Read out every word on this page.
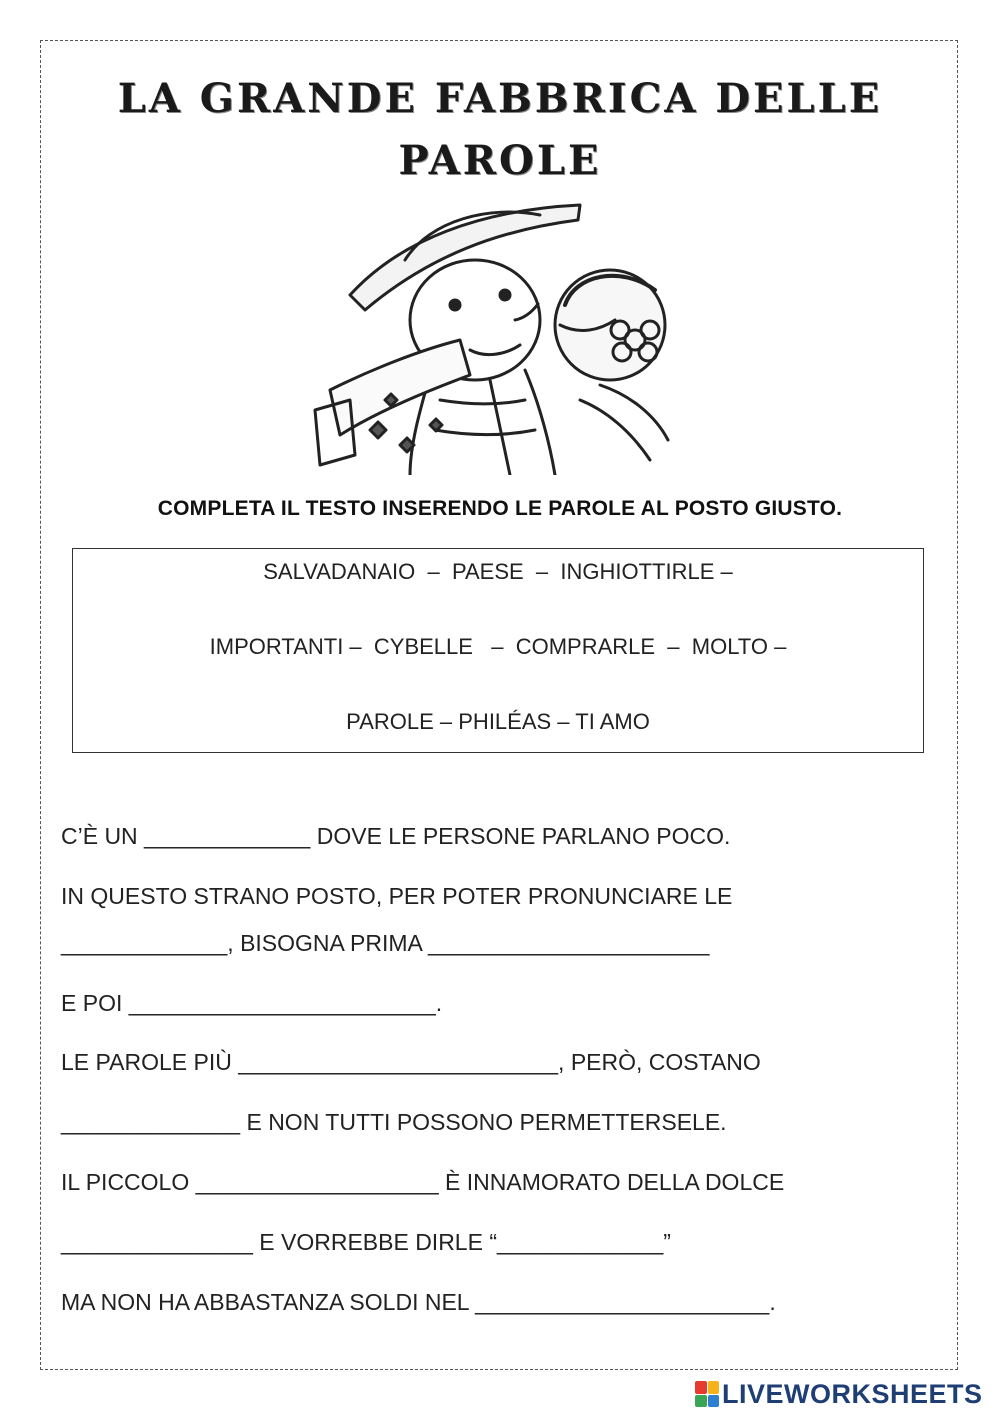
LA GRANDE FABBRICA DELLE
PAROLE
COMPLETA IL TESTO INSERENDO LE PAROLE AL POSTO GIUSTO.
SALVADANAIO  –  PAESE  –  INGHIOTTIRLE –
IMPORTANTI –  CYBELLE   –  COMPRARLE  –  MOLTO –
PAROLE – PHILÉAS – TI AMO
C’È UN _____________ DOVE LE PERSONE PARLANO POCO.
IN QUESTO STRANO POSTO, PER POTER PRONUNCIARE LE
_____________, BISOGNA PRIMA ______________________
E POI ________________________.
LE PAROLE PIÙ _________________________, PERÒ, COSTANO
______________ E NON TUTTI POSSONO PERMETTERSELE.
IL PICCOLO ___________________ È INNAMORATO DELLA DOLCE
_______________ E VORREBBE DIRLE “_____________”
MA NON HA ABBASTANZA SOLDI NEL _______________________.
LIVEWORKSHEETS
